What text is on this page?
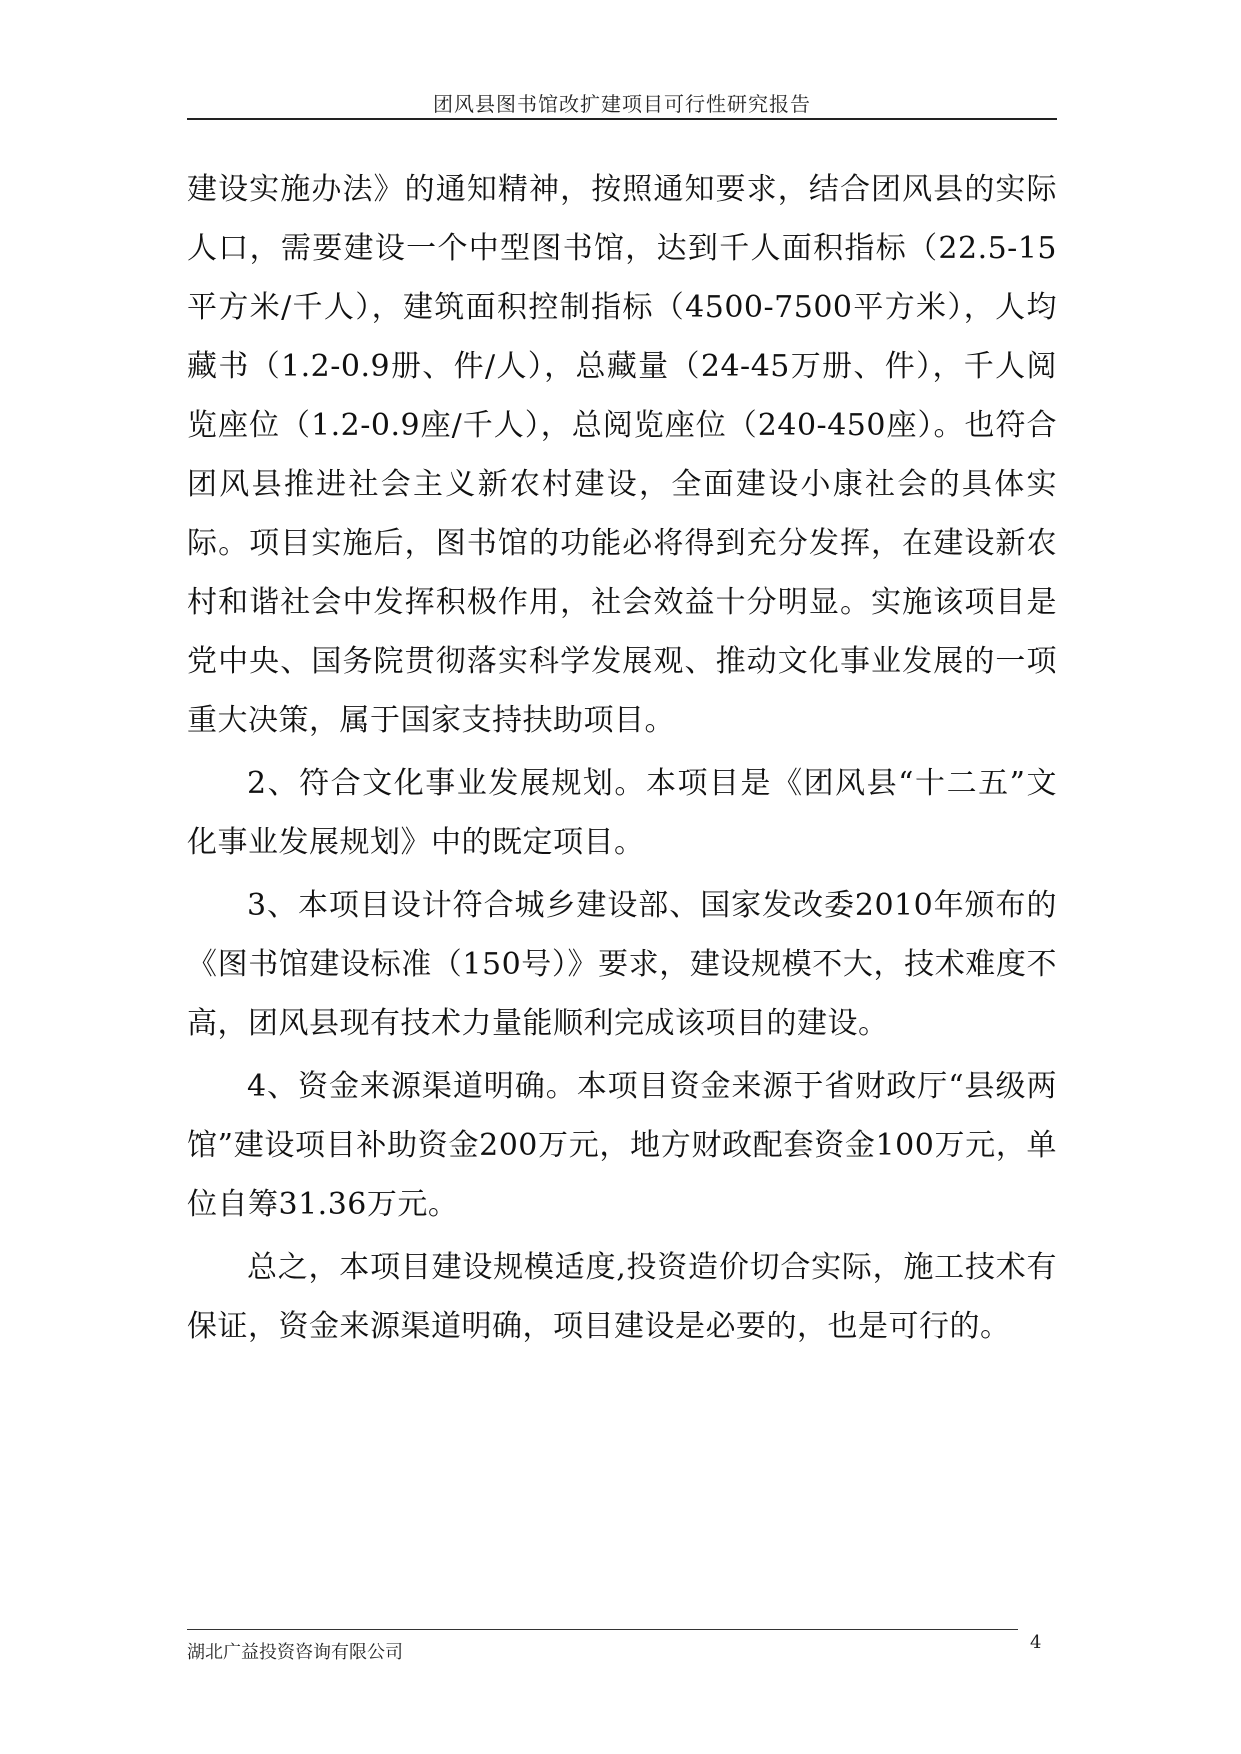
团风县图书馆改扩建项目可行性研究报告

建设实施办法》的通知精神，按照通知要求，结合团风县的实际人口，需要建设一个中型图书馆，达到千人面积指标（22.5-15平方米/千人），建筑面积控制指标（4500-7500平方米），人均藏书（1.2-0.9册、件/人），总藏量（24-45万册、件），千人阅览座位（1.2-0.9座/千人），总阅览座位（240-450座）。也符合团风县推进社会主义新农村建设，全面建设小康社会的具体实际。项目实施后，图书馆的功能必将得到充分发挥，在建设新农村和谐社会中发挥积极作用，社会效益十分明显。实施该项目是党中央、国务院贯彻落实科学发展观、推动文化事业发展的一项重大决策，属于国家支持扶助项目。

2、符合文化事业发展规划。本项目是《团风县“十二五”文化事业发展规划》中的既定项目。

3、本项目设计符合城乡建设部、国家发改委2010年颁布的《图书馆建设标准（150号）》要求，建设规模不大，技术难度不高，团风县现有技术力量能顺利完成该项目的建设。

4、资金来源渠道明确。本项目资金来源于省财政厅“县级两馆”建设项目补助资金200万元，地方财政配套资金100万元，单位自筹31.36万元。

总之，本项目建设规模适度,投资造价切合实际，施工技术有保证，资金来源渠道明确，项目建设是必要的，也是可行的。

湖北广益投资咨询有限公司	4
